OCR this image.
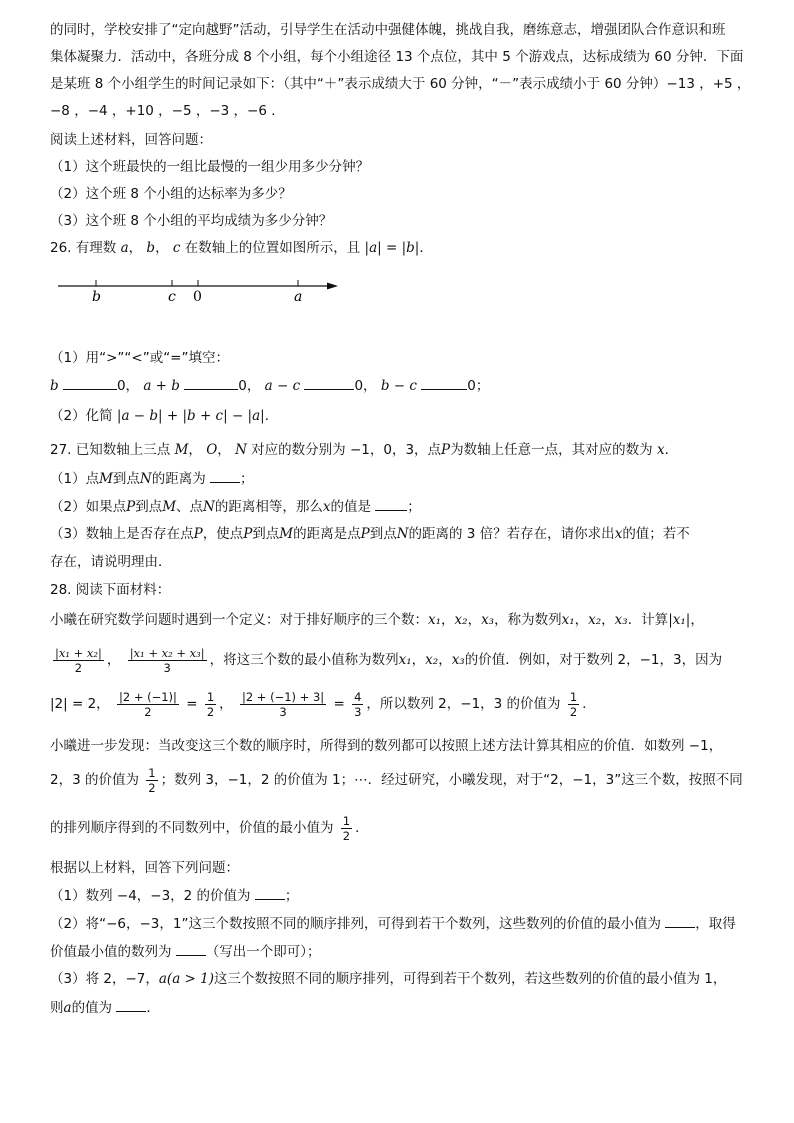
的同时，学校安排了“定向越野”活动，引导学生在活动中强健体魄，挑战自我，磨练意志，增强团队合作意识和班
集体凝聚力．活动中，各班分成 8 个小组，每个小组途径 13 个点位，其中 5 个游戏点，达标成绩为 60 分钟．下面
是某班 8 个小组学生的时间记录如下：（其中“＋”表示成绩大于 60 分钟，“－”表示成绩小于 60 分钟）−13 ，+5 ，
−8 ，−4 ，+10 ，−5 ，−3 ，−6 ．
阅读上述材料，回答问题：
（1）这个班最快的一组比最慢的一组少用多少分钟？
（2）这个班 8 个小组的达标率为多少？
（3）这个班 8 个小组的平均成绩为多少分钟？
26. 有理数 a， b， c 在数轴上的位置如图所示，且 |a| = |b|．
b	c 0	a
（1）用“>”“<”或“=”填空：
b	0， a + b	0， a − c	0， b − c	0；
（2）化简 |a − b| + |b + c| − |a|．
27. 已知数轴上三点 M， O， N 对应的数分别为 −1，0，3，点P为数轴上任意一点，其对应的数为 x．
（1）点M到点N的距离为	；
（2）如果点P到点M、点N的距离相等，那么x的值是	；
（3）数轴上是否存在点P，使点P到点M的距离是点P到点N的距离的 3 倍？若存在，请你求出x的值；若不
存在，请说明理由．
28. 阅读下面材料：
小曦在研究数学问题时遇到一个定义：对于排好顺序的三个数：x₁，x₂，x₃，称为数列x₁，x₂，x₃．计算|x₁|，
$\frac{\text{|x₁ + x₂|}}{2}$ ， $\frac{\text{|x₁ + x₂ + x₃|}}{3}$ ，将这三个数的最小值称为数列x₁，x₂，x₃的价值．例如，对于数列 2，−1，3，因为
|2| = 2， $\frac{|2 + (-1)|}{2} = \frac{1}{2}$ ， $\frac{|2 + (-1) + 3|}{3} = \frac{4}{3}$ ，所以数列 2，−1，3 的价值为 $\frac{1}{2}$ ．
小曦进一步发现：当改变这三个数的顺序时，所得到的数列都可以按照上述方法计算其相应的价值．如数列 −1，
2，3 的价值为 $\frac{1}{2}$ ；数列 3，−1，2 的价值为 1；⋯．经过研究，小曦发现，对于“2，−1，3”这三个数，按照不同
的排列顺序得到的不同数列中，价值的最小值为 $\frac{1}{2}$ ．
根据以上材料，回答下列问题：
（1）数列 −4，−3，2 的价值为	；
（2）将“−6，−3，1”这三个数按照不同的顺序排列，可得到若干个数列，这些数列的价值的最小值为	，取得
价值最小值的数列为	（写出一个即可）；
（3）将 2，−7，a(a > 1)这三个数按照不同的顺序排列，可得到若干个数列，若这些数列的价值的最小值为 1，
则a的值为	．
